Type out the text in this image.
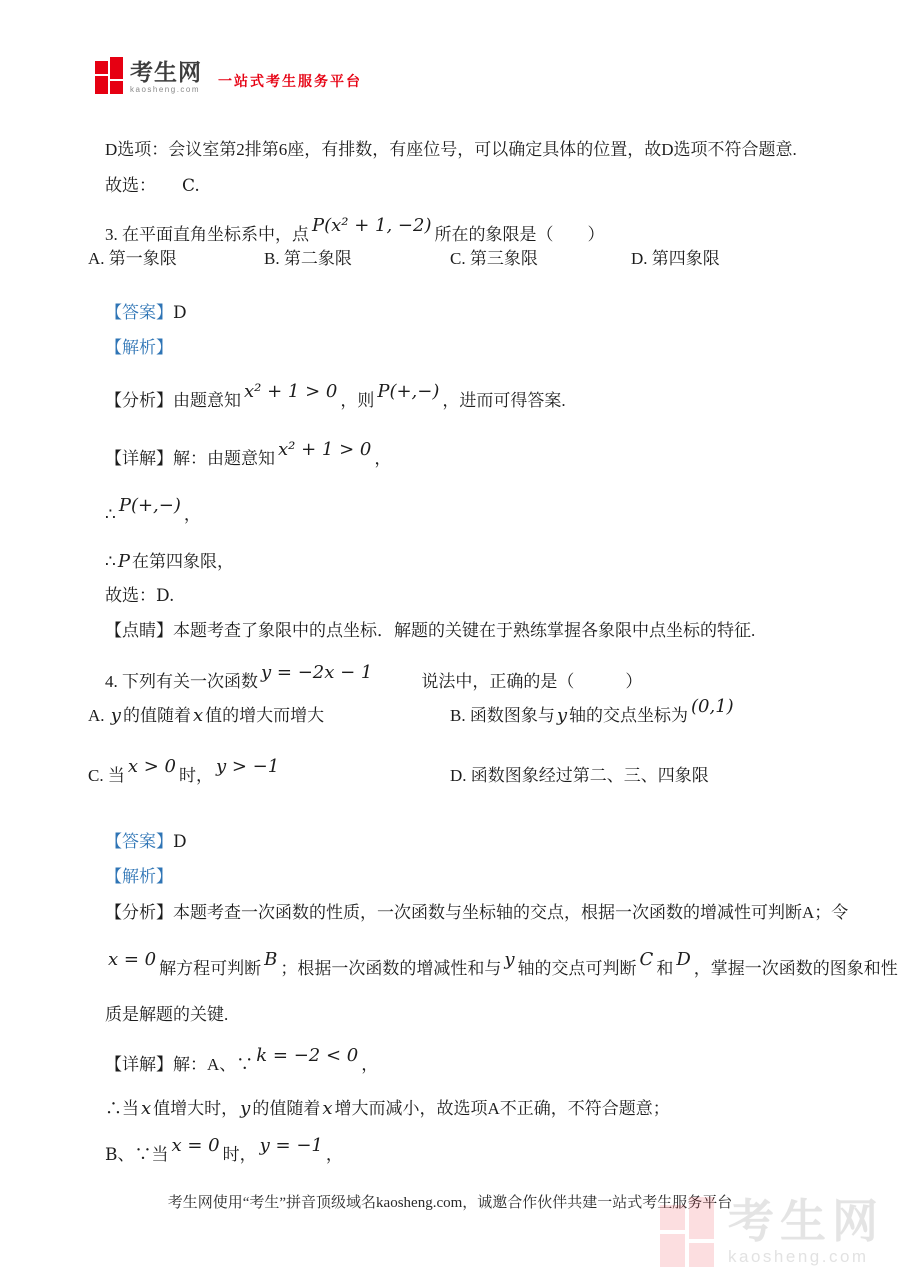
考生网
kaosheng.com
一站式考生服务平台

D选项：会议室第2排第6座，有排数，有座位号，可以确定具体的位置，故D选项不符合题意.

故选： C.

3. 在平面直角坐标系中，点 P(x² + 1, −2) 所在的象限是（　　）

A. 第一象限

	B. 第二象限

	C. 第三象限

	D. 第四象限

【答案】D

【解析】

【分析】由题意知 x² + 1 > 0 ，则 P(+,−) ，进而可得答案.

【详解】解：由题意知 x² + 1 > 0 ，

∴ P(+,−) ，

∴ P 在第四象限，

故选：D.

【点睛】本题考查了象限中的点坐标．解题的关键在于熟练掌握各象限中点坐标的特征.

4. 下列有关一次函数 y = −2x − 1	说法中，正确的是（　　　）

A. y 的值随着 x 值的增大而增大

	B. 函数图象与 y 轴的交点坐标为 (0,1)

C. 当 x > 0 时， y > −1

	D. 函数图象经过第二、三、四象限

【答案】D

【解析】

【分析】本题考查一次函数的性质，一次函数与坐标轴的交点，根据一次函数的增减性可判断A；令

x = 0 解方程可判断 B ；根据一次函数的增减性和与 y 轴的交点可判断 C 和 D ，掌握一次函数的图象和性

质是解题的关键.

【详解】解：A、∵ k = −2 < 0 ，

∴当 x 值增大时， y 的值随着 x 增大而减小，故选项A不正确，不符合题意；

B、∵当 x = 0 时， y = −1 ，

考生网使用“考生”拼音顶级域名kaosheng.com，诚邀合作伙伴共建一站式考生服务平台

考生网
kaosheng.com
